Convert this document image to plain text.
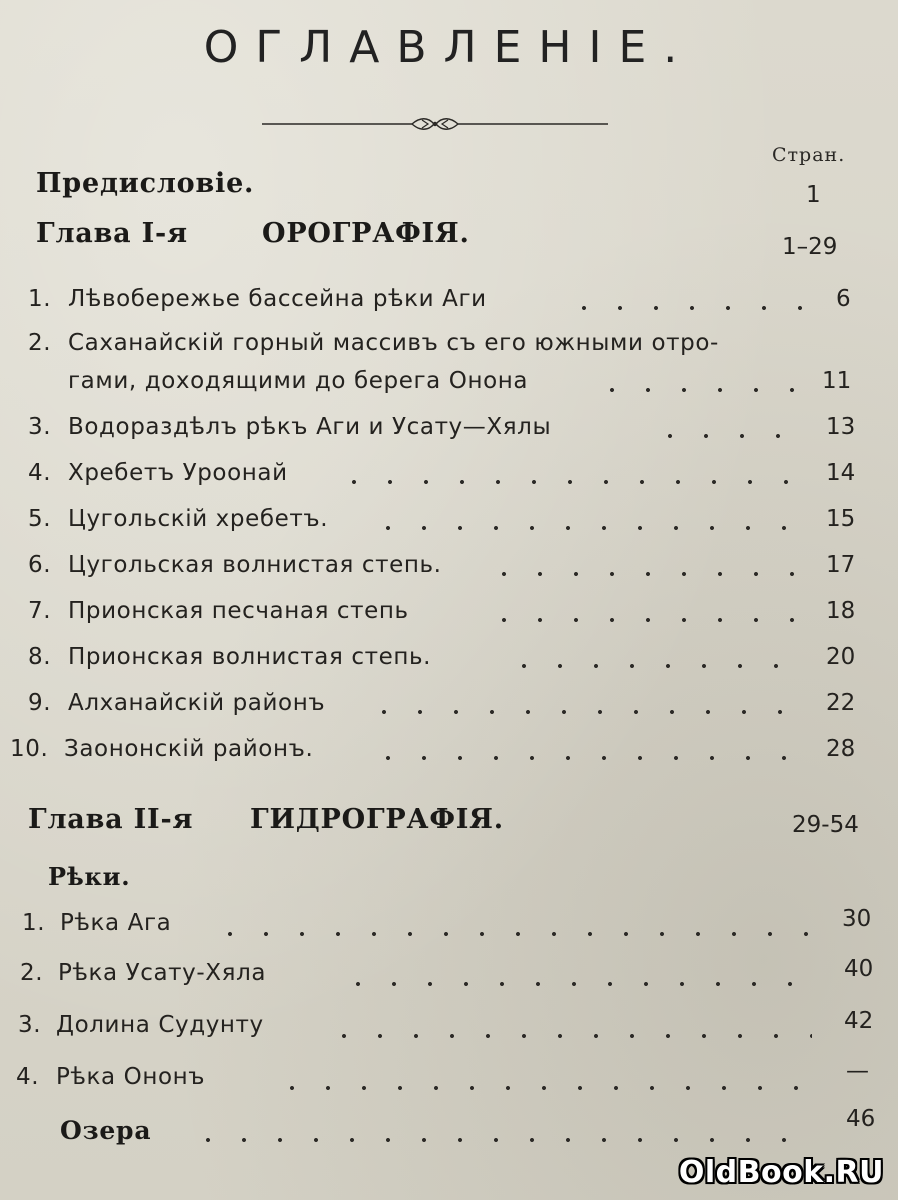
ОГЛАВЛЕНІЕ.
Стран.
Предисловіе.	1
Глава I-я	ОРОГРАФІЯ.	1–29
1. Лѣвобережье бассейна рѣки Аги	6
2. Саханайскій горный массивъ съ его южными отро-
гами, доходящими до берега Онона	11
3. Водораздѣлъ рѣкъ Аги и Усату—Хялы	13
4. Хребетъ Уроонай	14
5. Цугольскій хребетъ.	15
6. Цугольская волнистая степь.	17
7. Прионская песчаная степь	18
8. Прионская волнистая степь.	20
9. Алханайскій районъ	22
10. Заононскій районъ.	28
Глава II-я ГИДРОГРАФІЯ.	29-54
Рѣки.
1. Рѣка Ага	30
2. Рѣка Усату-Хяла	40
3. Долина Судунту	42
4. Рѣка Ононъ	—
Озера	46
OldBook.RU
